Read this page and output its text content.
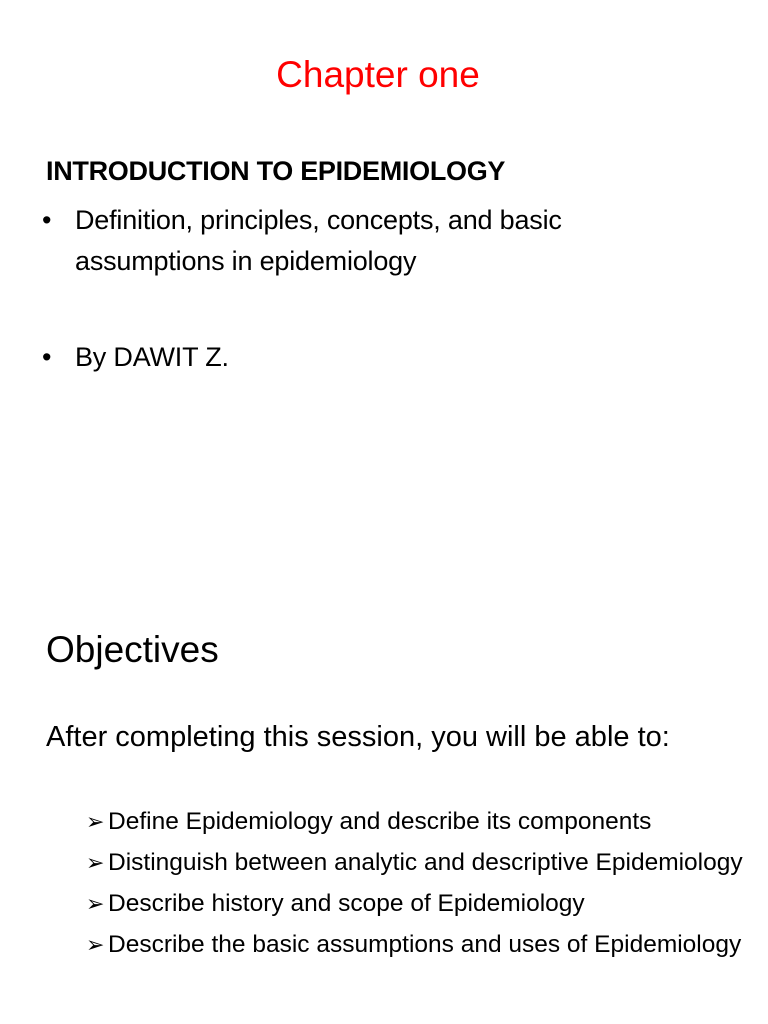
Chapter one
INTRODUCTION TO EPIDEMIOLOGY
• Definition, principles, concepts, and basic assumptions in epidemiology
• By DAWIT Z.
Objectives
After completing this session, you will be able to:
➢ Define Epidemiology and describe its components
➢ Distinguish between analytic and descriptive Epidemiology
➢ Describe history and scope of Epidemiology
➢ Describe the basic assumptions and uses of Epidemiology
